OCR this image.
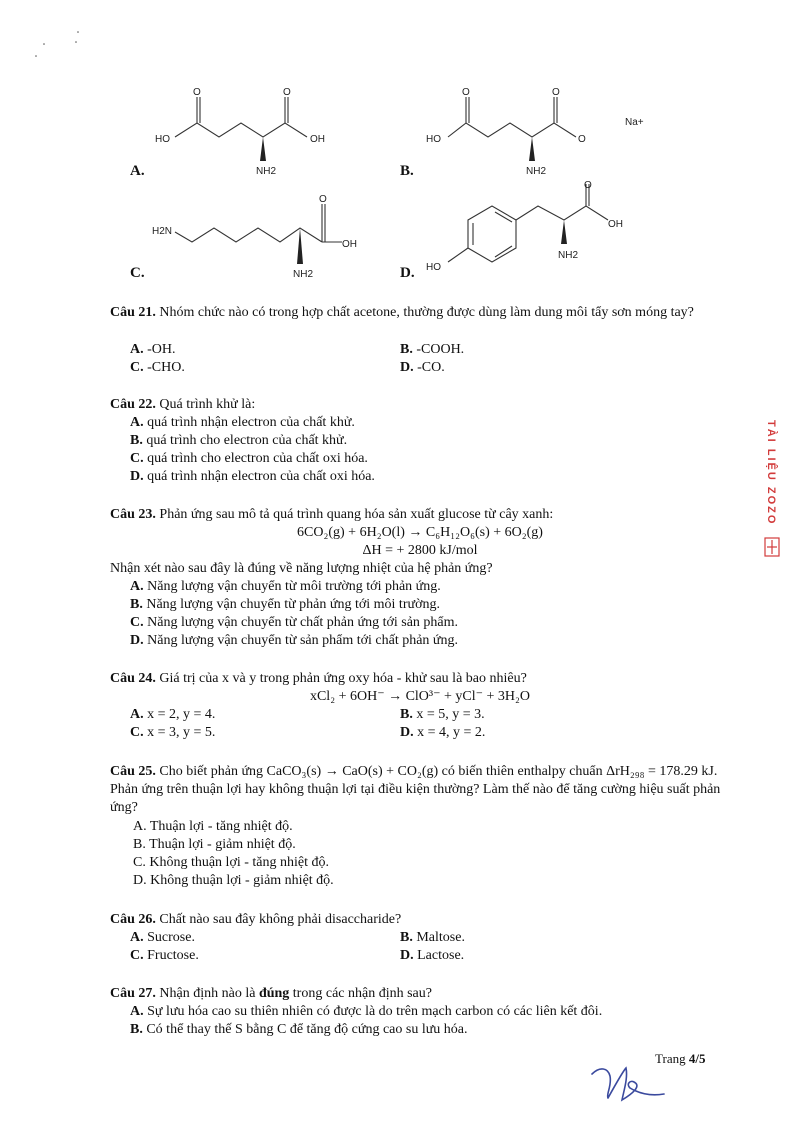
O	O
HO	OH
NH2
A.
O	O
HO	O
Na+
NH2
B.
O
H2N
OH
NH2
C.
O
OH
NH2
HO
D.

Câu 21. Nhóm chức nào có trong hợp chất acetone, thường được dùng làm dung môi tẩy sơn móng tay?

A. -OH.	B. -COOH.
C. -CHO.	D. -CO.

Câu 22. Quá trình khử là:

A. quá trình nhận electron của chất khử.
B. quá trình cho electron của chất khử.
C. quá trình cho electron của chất oxi hóa.
D. quá trình nhận electron của chất oxi hóa.

Câu 23. Phản ứng sau mô tả quá trình quang hóa sản xuất glucose từ cây xanh:

6CO₂(g) + 6H₂O(l) → C₆H₁₂O₆(s) + 6O₂(g)
ΔH = + 2800 kJ/mol
Nhận xét nào sau đây là đúng về năng lượng nhiệt của hệ phản ứng?
A. Năng lượng vận chuyển từ môi trường tới phản ứng.
B. Năng lượng vận chuyển từ phản ứng tới môi trường.
C. Năng lượng vận chuyển từ chất phản ứng tới sản phẩm.
D. Năng lượng vận chuyển từ sản phẩm tới chất phản ứng.

Câu 24. Giá trị của x và y trong phản ứng oxy hóa - khử sau là bao nhiêu?

xCl₂ + 6OH⁻ → ClO³⁻ + yCl⁻ + 3H₂O
A. x = 2, y = 4.	B. x = 5, y = 3.
C. x = 3, y = 5.	D. x = 4, y = 2.

Câu 25. Cho biết phản ứng CaCO₃(s) → CaO(s) + CO₂(g) có biến thiên enthalpy chuẩn ΔrH₂₉₈ = 178.29 kJ. Phản ứng trên thuận lợi hay không thuận lợi tại điều kiện thường? Làm thế nào để tăng cường hiệu suất phản ứng?

A. Thuận lợi - tăng nhiệt độ.
B. Thuận lợi - giảm nhiệt độ.
C. Không thuận lợi - tăng nhiệt độ.
D. Không thuận lợi - giảm nhiệt độ.

Câu 26. Chất nào sau đây không phải disaccharide?

A. Sucrose.	B. Maltose.
C. Fructose.	D. Lactose.

Câu 27. Nhận định nào là đúng trong các nhận định sau?

A. Sự lưu hóa cao su thiên nhiên có được là do trên mạch carbon có các liên kết đôi.
B. Có thể thay thế S bằng C để tăng độ cứng cao su lưu hóa.
TÀI LIỆU ZOZO
Trang 4/5
